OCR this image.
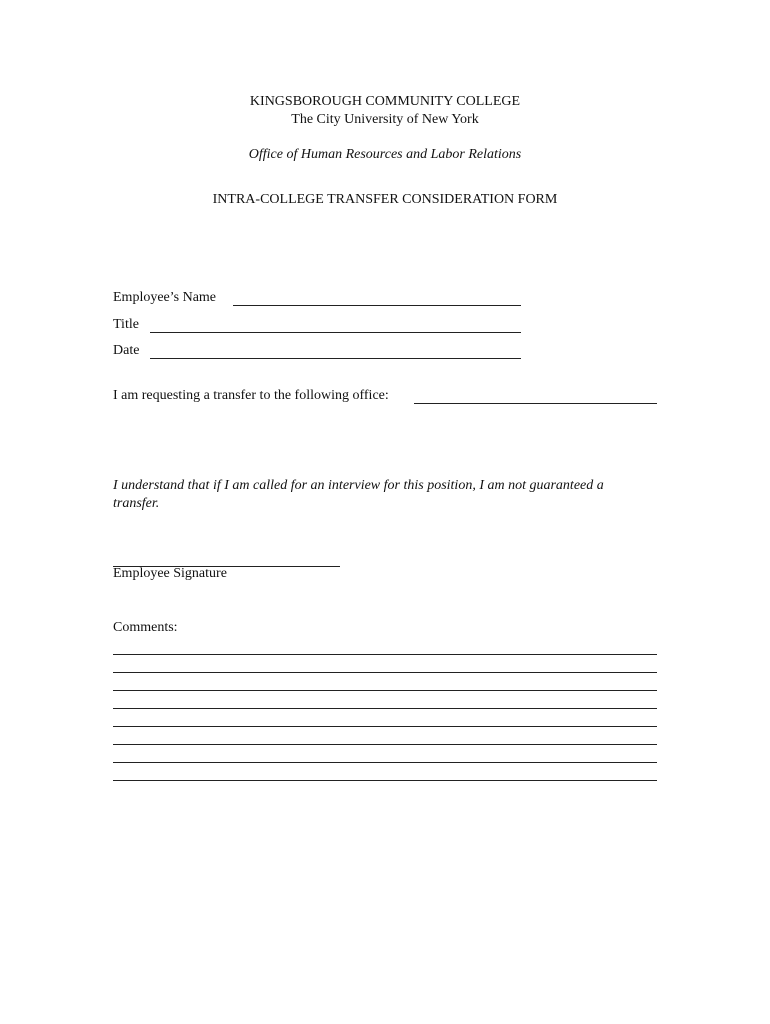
KINGSBOROUGH COMMUNITY COLLEGE
The City University of New York
Office of Human Resources and Labor Relations
INTRA-COLLEGE TRANSFER CONSIDERATION FORM
Employee’s Name
Title
Date
I am requesting a transfer to the following office:
I understand that if I am called for an interview for this position, I am not guaranteed a
transfer.
Employee Signature
Comments:
